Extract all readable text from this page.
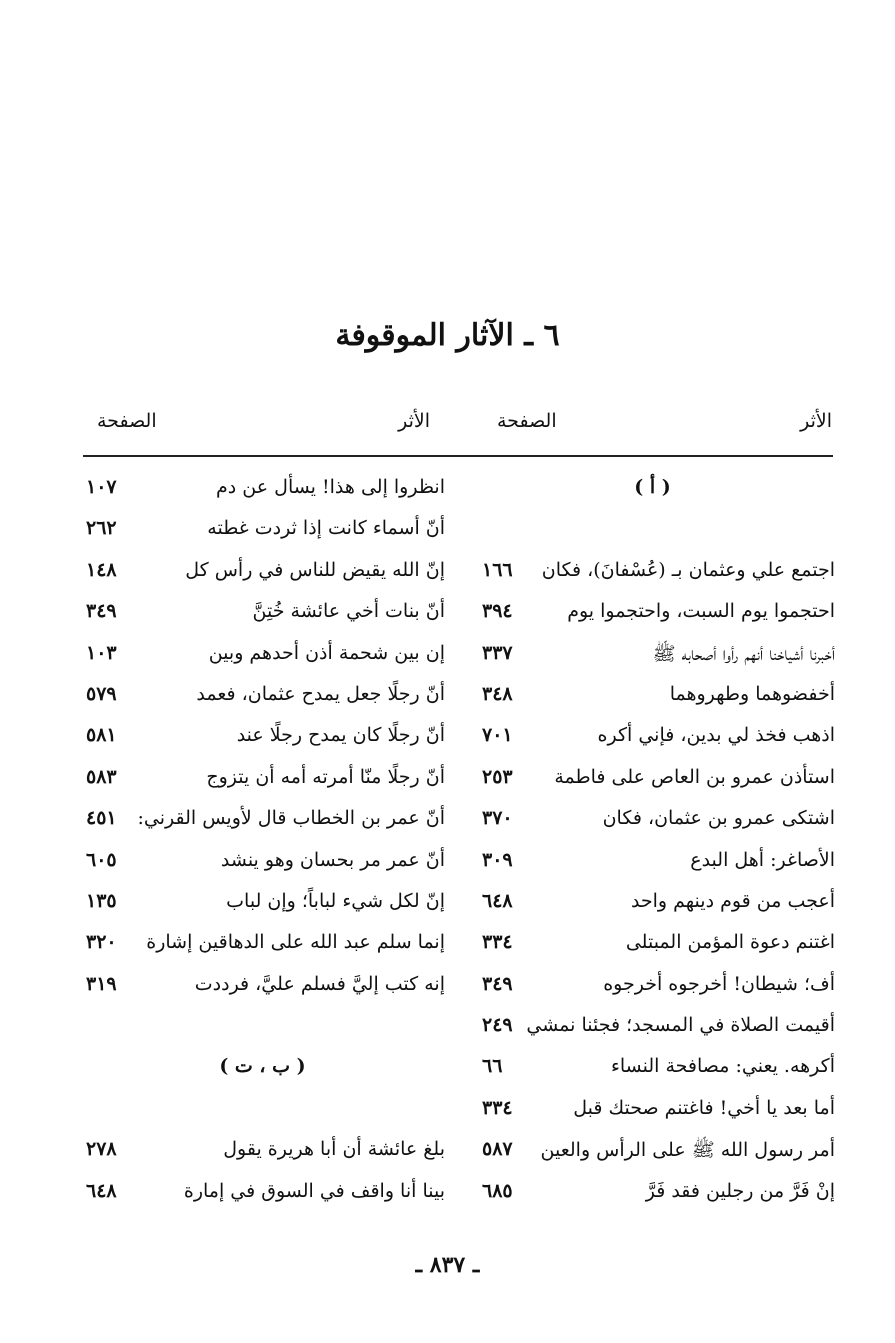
٦ ـ الآثار الموقوفة
الأثر
الصفحة
الأثر
الصفحة
( أ )
اجتمع علي وعثمان بـ (عُسْفانَ)، فكان
١٦٦
احتجموا يوم السبت، واحتجموا يوم
٣٩٤
أخبرنا أشياخنا أنهم رأوا أصحابه ﷺ
٣٣٧
أخفضوهما وطهروهما
٣٤٨
اذهب فخذ لي بدين، فإني أكره
٧٠١
استأذن عمرو بن العاص على فاطمة
٢٥٣
اشتكى عمرو بن عثمان، فكان
٣٧٠
الأصاغر: أهل البدع
٣٠٩
أعجب من قوم دينهم واحد
٦٤٨
اغتنم دعوة المؤمن المبتلى
٣٣٤
أف؛ شيطان! أخرجوه أخرجوه
٣٤٩
أقيمت الصلاة في المسجد؛ فجئنا نمشي
٢٤٩
أكرهه. يعني: مصافحة النساء
٦٦
أما بعد يا أخي! فاغتنم صحتك قبل
٣٣٤
أمر رسول الله ﷺ على الرأس والعين
٥٨٧
إنْ فَرَّ من رجلين فقد فَرَّ
٦٨٥
انظروا إلى هذا! يسأل عن دم
١٠٧
أنّ أسماء كانت إذا ثردت غطته
٢٦٢
إنّ الله يقيض للناس في رأس كل
١٤٨
أنّ بنات أخي عائشة خُتِنَّ
٣٤٩
إن بين شحمة أذن أحدهم وبين
١٠٣
أنّ رجلًا جعل يمدح عثمان، فعمد
٥٧٩
أنّ رجلًا كان يمدح رجلًا عند
٥٨١
أنّ رجلًا منّا أمرته أمه أن يتزوج
٥٨٣
أنّ عمر بن الخطاب قال لأويس القرني:
٤٥١
أنّ عمر مر بحسان وهو ينشد
٦٠٥
إنّ لكل شيء لباباً؛ وإن لباب
١٣٥
إنما سلم عبد الله على الدهاقين إشارة
٣٢٠
إنه كتب إليَّ فسلم عليَّ، فرددت
٣١٩
( ب ، ت )
بلغ عائشة أن أبا هريرة يقول
٢٧٨
بينا أنا واقف في السوق في إمارة
٦٤٨
ـ ٨٣٧ ـ
